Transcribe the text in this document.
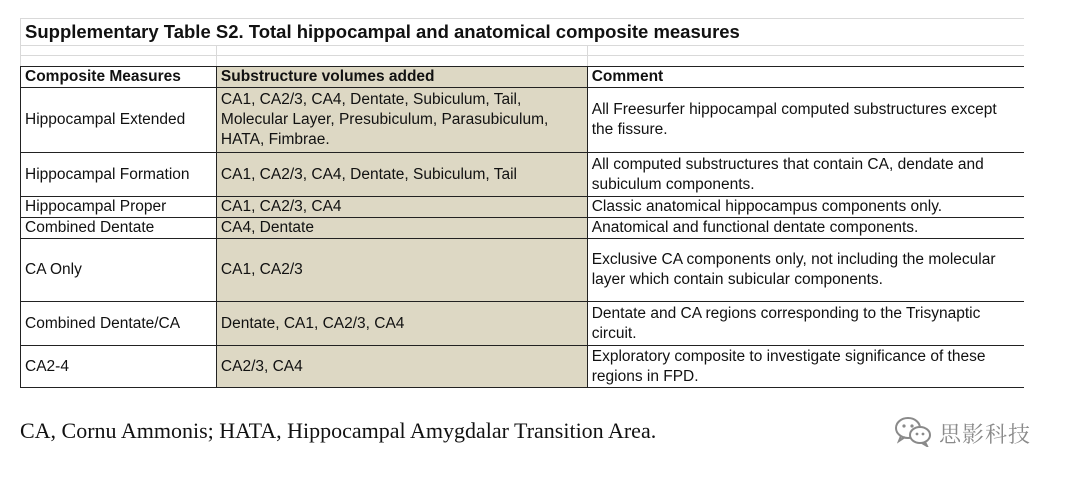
Supplementary Table S2. Total hippocampal and anatomical composite measures
Composite Measures	Substructure volumes added	Comment
Hippocampal Extended	CA1, CA2/3, CA4, Dentate, Subiculum, Tail, Molecular Layer, Presubiculum, Parasubiculum, HATA, Fimbrae.	All Freesurfer hippocampal computed substructures except the fissure.
Hippocampal Formation	CA1, CA2/3, CA4, Dentate, Subiculum, Tail	All computed substructures that contain CA, dendate and subiculum components.
Hippocampal Proper	CA1, CA2/3, CA4	Classic anatomical hippocampus components only.
Combined Dentate	CA4, Dentate	Anatomical and functional dentate components.
CA Only	CA1, CA2/3	Exclusive CA components only, not including the molecular layer which contain subicular components.
Combined Dentate/CA	Dentate, CA1, CA2/3, CA4	Dentate and CA regions corresponding to the Trisynaptic circuit.
CA2-4	CA2/3, CA4	Exploratory composite to investigate significance of these regions in FPD.

CA, Cornu Ammonis; HATA, Hippocampal Amygdalar Transition Area.	思影科技
